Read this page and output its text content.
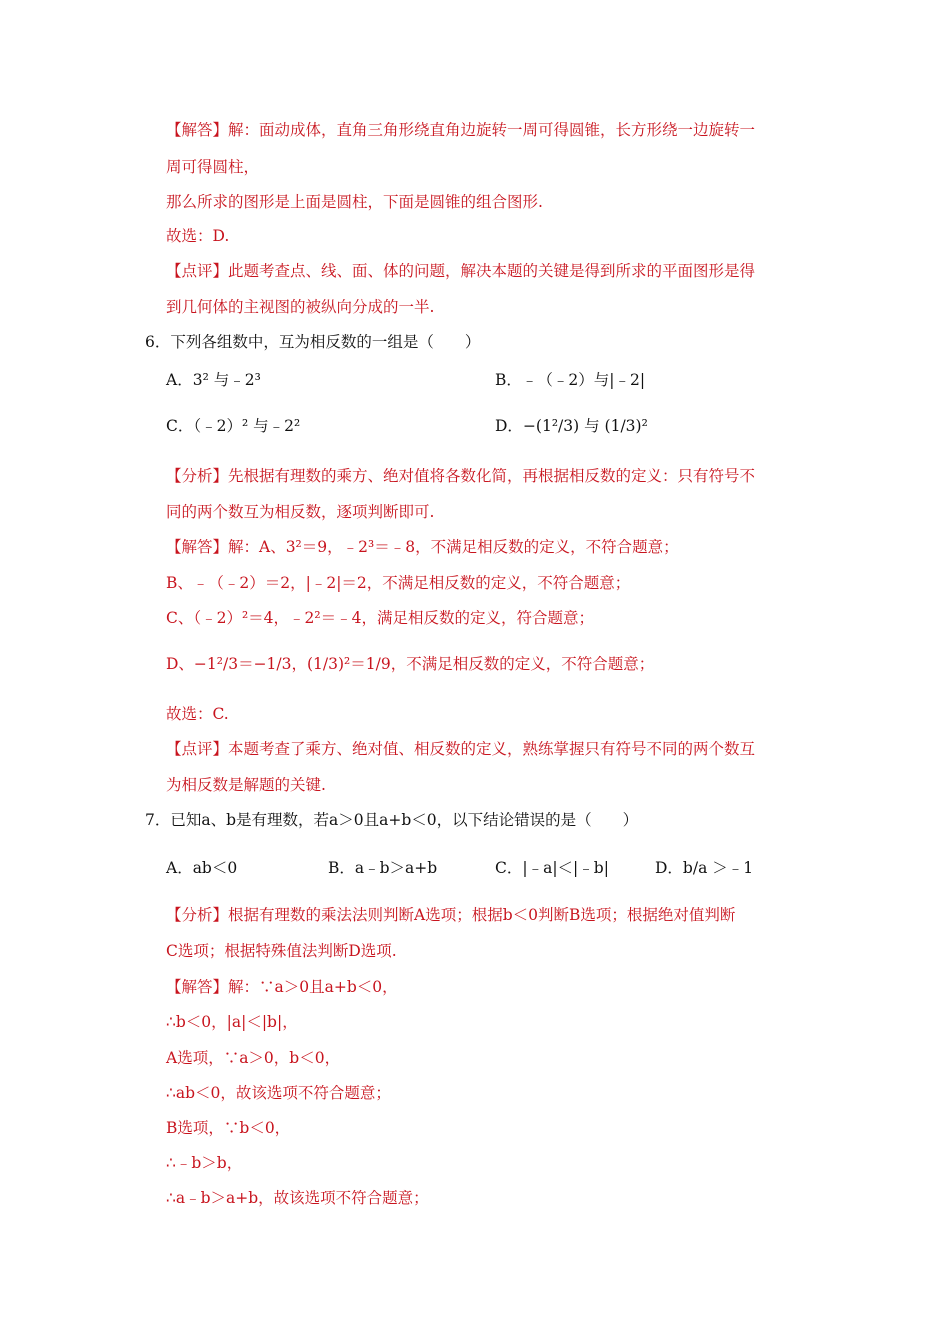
【解答】解：面动成体，直角三角形绕直角边旋转一周可得圆锥，长方形绕一边旋转一
周可得圆柱，
那么所求的图形是上面是圆柱，下面是圆锥的组合图形.
故选：D.
【点评】此题考查点、线、面、体的问题，解决本题的关键是得到所求的平面图形是得
到几何体的主视图的被纵向分成的一半.
6．下列各组数中，互为相反数的一组是（　　）
A．3² 与﹣2³	B．﹣（﹣2）与|﹣2|
C．（﹣2）² 与﹣2²	D．−(1²/3) 与 (1/3)²
【分析】先根据有理数的乘方、绝对值将各数化简，再根据相反数的定义：只有符号不
同的两个数互为相反数，逐项判断即可.
【解答】解：A、3²＝9，﹣2³＝﹣8，不满足相反数的定义，不符合题意；
B、﹣（﹣2）＝2，|﹣2|＝2，不满足相反数的定义，不符合题意；
C、（﹣2）²＝4，﹣2²＝﹣4，满足相反数的定义，符合题意；
D、−1²/3＝−1/3，(1/3)²＝1/9，不满足相反数的定义，不符合题意；
故选：C.
【点评】本题考查了乘方、绝对值、相反数的定义，熟练掌握只有符号不同的两个数互
为相反数是解题的关键.
7．已知a、b是有理数，若a＞0且a+b＜0，以下结论错误的是（　　）
A．ab＜0	B．a﹣b＞a+b	C．|﹣a|＜|﹣b|	D．b/a ＞﹣1
【分析】根据有理数的乘法法则判断A选项；根据b＜0判断B选项；根据绝对值判断
C选项；根据特殊值法判断D选项.
【解答】解：∵a＞0且a+b＜0，
∴b＜0，|a|＜|b|，
A选项，∵a＞0，b＜0，
∴ab＜0，故该选项不符合题意；
B选项，∵b＜0，
∴﹣b＞b，
∴a﹣b＞a+b，故该选项不符合题意；
